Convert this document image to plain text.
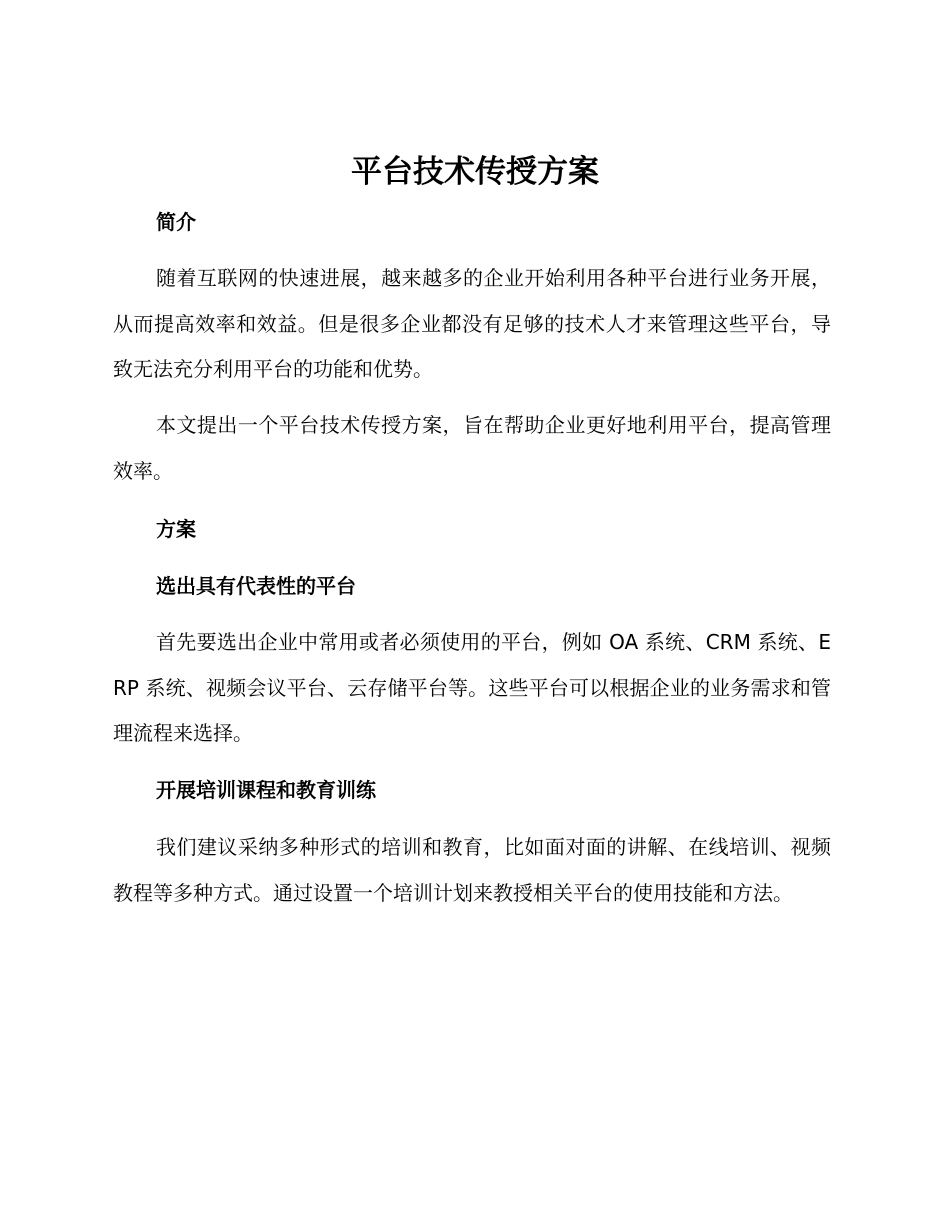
平台技术传授方案
简介

随着互联网的快速进展，越来越多的企业开始利用各种平台进行业务开展，从而提高效率和效益。但是很多企业都没有足够的技术人才来管理这些平台，导致无法充分利用平台的功能和优势。

本文提出一个平台技术传授方案，旨在帮助企业更好地利用平台，提高管理效率。

方案
选出具有代表性的平台

首先要选出企业中常用或者必须使用的平台，例如 OA 系统、CRM 系统、ERP 系统、视频会议平台、云存储平台等。这些平台可以根据企业的业务需求和管理流程来选择。

开展培训课程和教育训练

我们建议采纳多种形式的培训和教育，比如面对面的讲解、在线培训、视频教程等多种方式。通过设置一个培训计划来教授相关平台的使用技能和方法。
